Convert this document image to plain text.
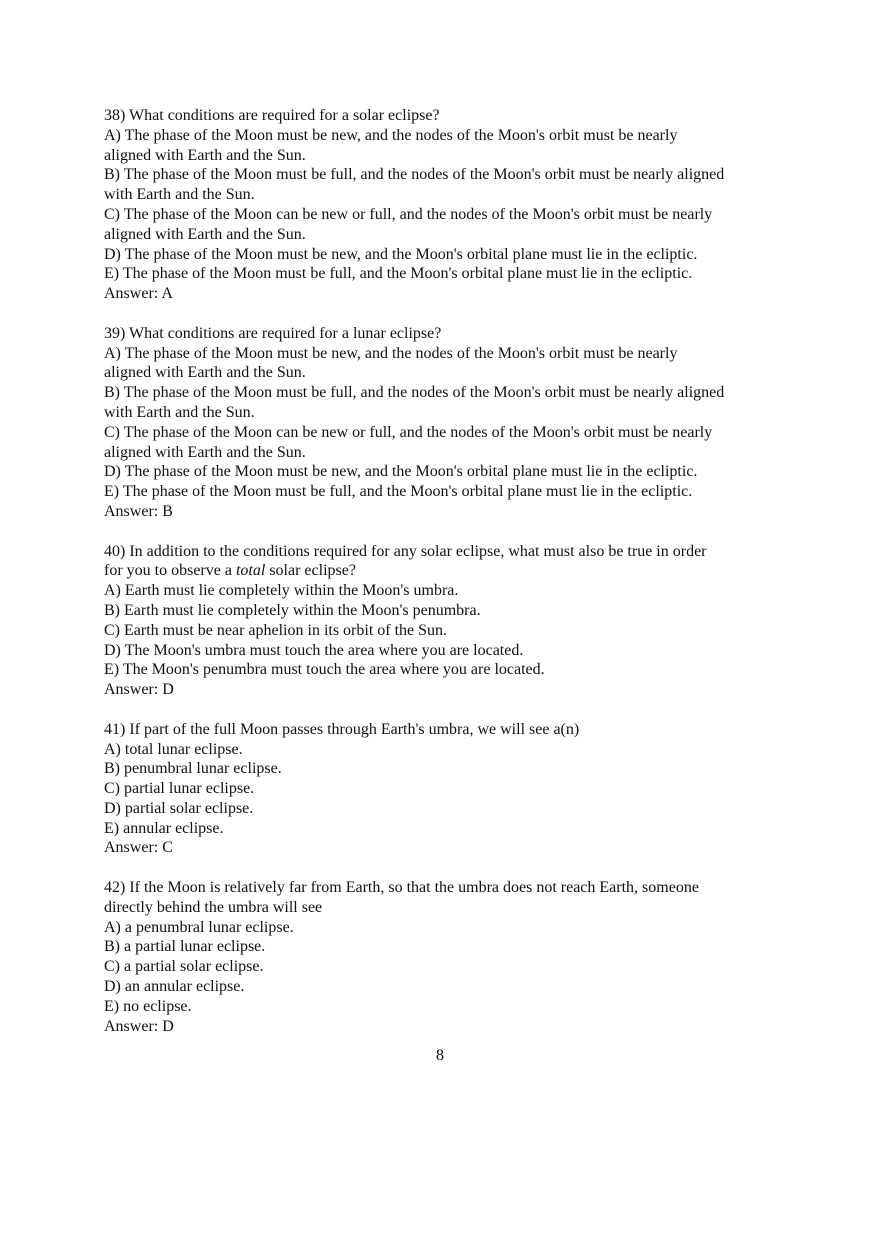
38) What conditions are required for a solar eclipse?
A) The phase of the Moon must be new, and the nodes of the Moon's orbit must be nearly
aligned with Earth and the Sun.
B) The phase of the Moon must be full, and the nodes of the Moon's orbit must be nearly aligned
with Earth and the Sun.
C) The phase of the Moon can be new or full, and the nodes of the Moon's orbit must be nearly
aligned with Earth and the Sun.
D) The phase of the Moon must be new, and the Moon's orbital plane must lie in the ecliptic.
E) The phase of the Moon must be full, and the Moon's orbital plane must lie in the ecliptic.
Answer: A
39) What conditions are required for a lunar eclipse?
A) The phase of the Moon must be new, and the nodes of the Moon's orbit must be nearly
aligned with Earth and the Sun.
B) The phase of the Moon must be full, and the nodes of the Moon's orbit must be nearly aligned
with Earth and the Sun.
C) The phase of the Moon can be new or full, and the nodes of the Moon's orbit must be nearly
aligned with Earth and the Sun.
D) The phase of the Moon must be new, and the Moon's orbital plane must lie in the ecliptic.
E) The phase of the Moon must be full, and the Moon's orbital plane must lie in the ecliptic.
Answer: B
40) In addition to the conditions required for any solar eclipse, what must also be true in order
for you to observe a total solar eclipse?
A) Earth must lie completely within the Moon's umbra.
B) Earth must lie completely within the Moon's penumbra.
C) Earth must be near aphelion in its orbit of the Sun.
D) The Moon's umbra must touch the area where you are located.
E) The Moon's penumbra must touch the area where you are located.
Answer: D
41) If part of the full Moon passes through Earth's umbra, we will see a(n)
A) total lunar eclipse.
B) penumbral lunar eclipse.
C) partial lunar eclipse.
D) partial solar eclipse.
E) annular eclipse.
Answer: C
42) If the Moon is relatively far from Earth, so that the umbra does not reach Earth, someone
directly behind the umbra will see
A) a penumbral lunar eclipse.
B) a partial lunar eclipse.
C) a partial solar eclipse.
D) an annular eclipse.
E) no eclipse.
Answer: D
8
